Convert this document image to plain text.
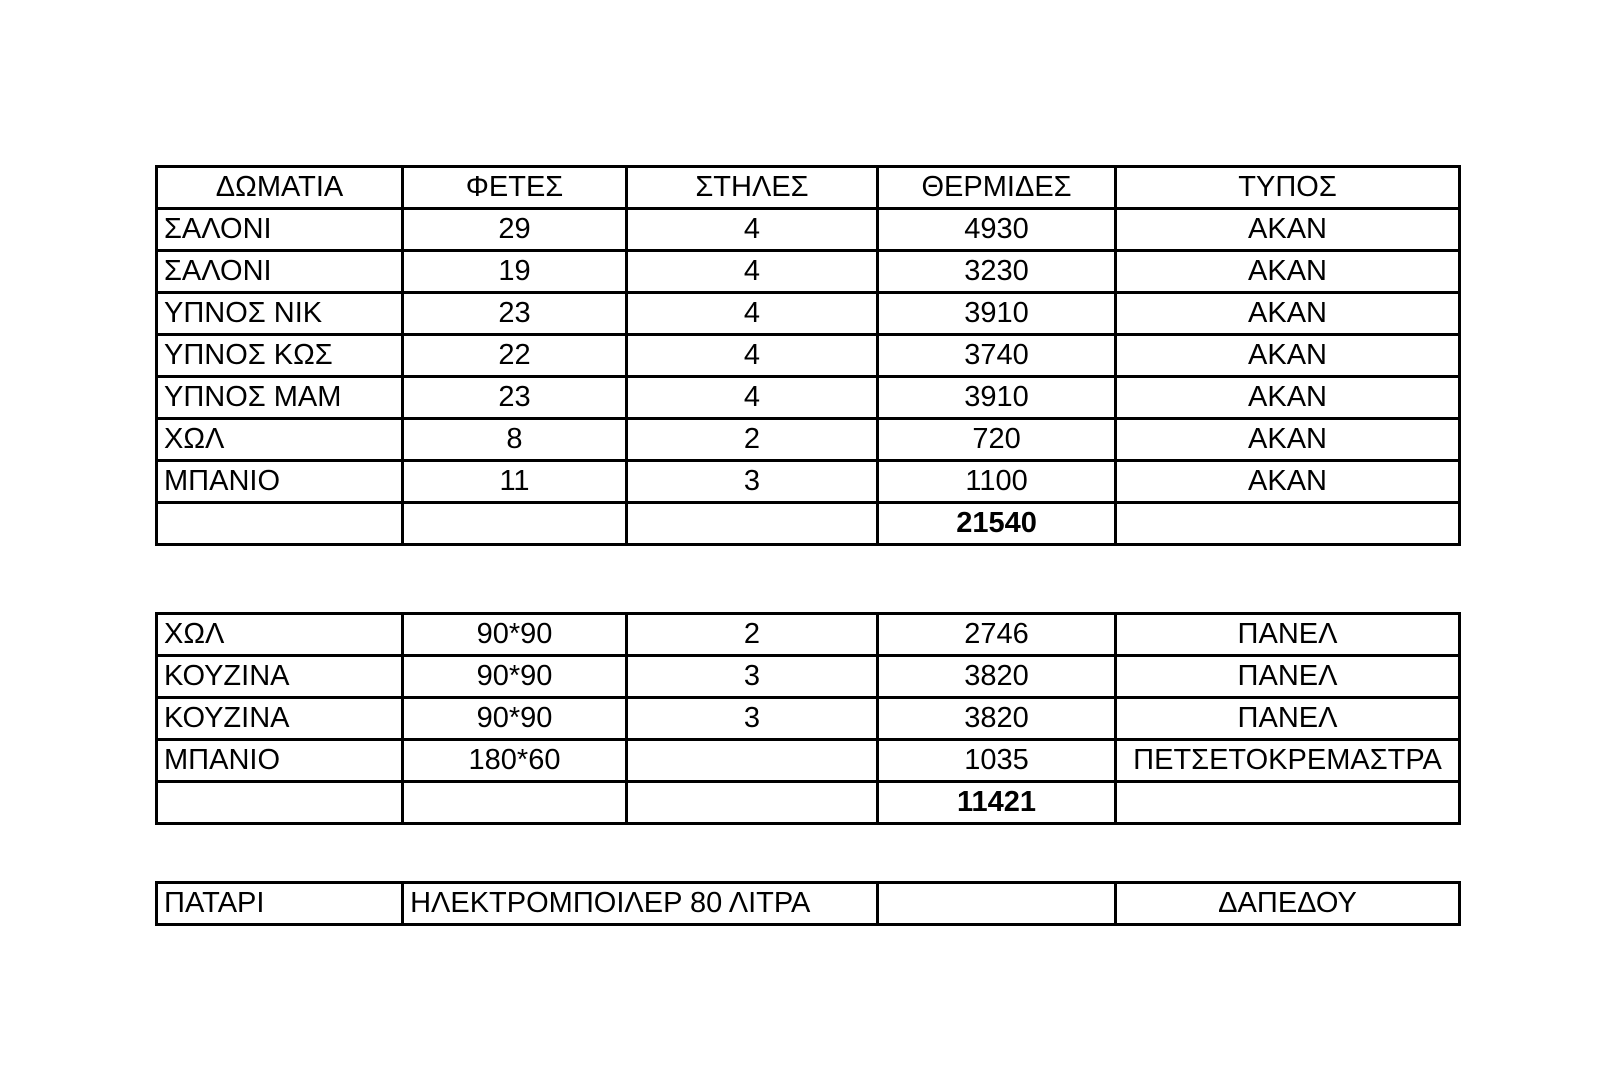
ΔΩΜΑΤΙΑ	ΦΕΤΕΣ	ΣΤΗΛΕΣ	ΘΕΡΜΙΔΕΣ	ΤΥΠΟΣ
ΣΑΛΟΝΙ	29	4	4930	ΑΚΑΝ
ΣΑΛΟΝΙ	19	4	3230	ΑΚΑΝ
ΥΠΝΟΣ ΝΙΚ	23	4	3910	ΑΚΑΝ
ΥΠΝΟΣ ΚΩΣ	22	4	3740	ΑΚΑΝ
ΥΠΝΟΣ ΜΑΜ	23	4	3910	ΑΚΑΝ
ΧΩΛ	8	2	720	ΑΚΑΝ
ΜΠΑΝΙΟ	11	3	1100	ΑΚΑΝ
			21540	
ΧΩΛ	90*90	2	2746	ΠΑΝΕΛ
ΚΟΥΖΙΝΑ	90*90	3	3820	ΠΑΝΕΛ
ΚΟΥΖΙΝΑ	90*90	3	3820	ΠΑΝΕΛ
ΜΠΑΝΙΟ	180*60		1035	ΠΕΤΣΕΤΟΚΡΕΜΑΣΤΡΑ
			11421	
ΠΑΤΑΡΙ	ΗΛΕΚΤΡΟΜΠΟΙΛΕΡ 80 ΛΙΤΡΑ		ΔΑΠΕΔΟΥ
